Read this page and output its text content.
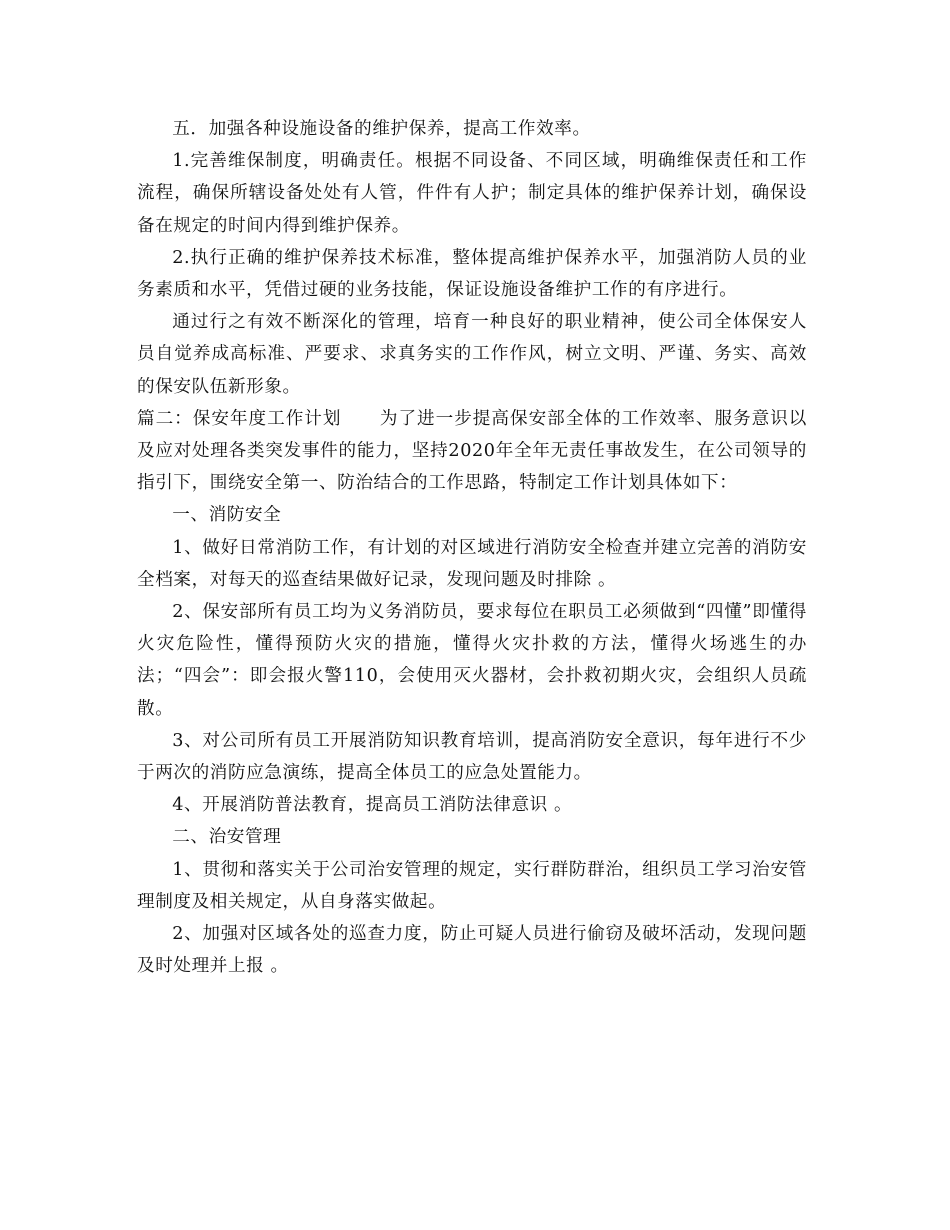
五．加强各种设施设备的维护保养，提高工作效率。

1.完善维保制度，明确责任。根据不同设备、不同区域，明确维保责任和工作流程，确保所辖设备处处有人管，件件有人护；制定具体的维护保养计划，确保设备在规定的时间内得到维护保养。

2.执行正确的维护保养技术标准，整体提高维护保养水平，加强消防人员的业务素质和水平，凭借过硬的业务技能，保证设施设备维护工作的有序进行。

通过行之有效不断深化的管理，培育一种良好的职业精神，使公司全体保安人员自觉养成高标准、严要求、求真务实的工作作风，树立文明、严谨、务实、高效的保安队伍新形象。

篇二：保安年度工作计划 为了进一步提高保安部全体的工作效率、服务意识以及应对处理各类突发事件的能力，坚持2020年全年无责任事故发生，在公司领导的指引下，围绕安全第一、防治结合的工作思路，特制定工作计划具体如下：

一、消防安全

1、做好日常消防工作，有计划的对区域进行消防安全检查并建立完善的消防安全档案，对每天的巡查结果做好记录，发现问题及时排除 。

2、保安部所有员工均为义务消防员，要求每位在职员工必须做到“四懂”即懂得火灾危险性，懂得预防火灾的措施，懂得火灾扑救的方法，懂得火场逃生的办法；“四会”：即会报火警110，会使用灭火器材，会扑救初期火灾，会组织人员疏散。

3、对公司所有员工开展消防知识教育培训，提高消防安全意识，每年进行不少于两次的消防应急演练，提高全体员工的应急处置能力。

4、开展消防普法教育，提高员工消防法律意识 。

二、治安管理

1、贯彻和落实关于公司治安管理的规定，实行群防群治，组织员工学习治安管理制度及相关规定，从自身落实做起。

2、加强对区域各处的巡查力度，防止可疑人员进行偷窃及破坏活动，发现问题及时处理并上报 。
